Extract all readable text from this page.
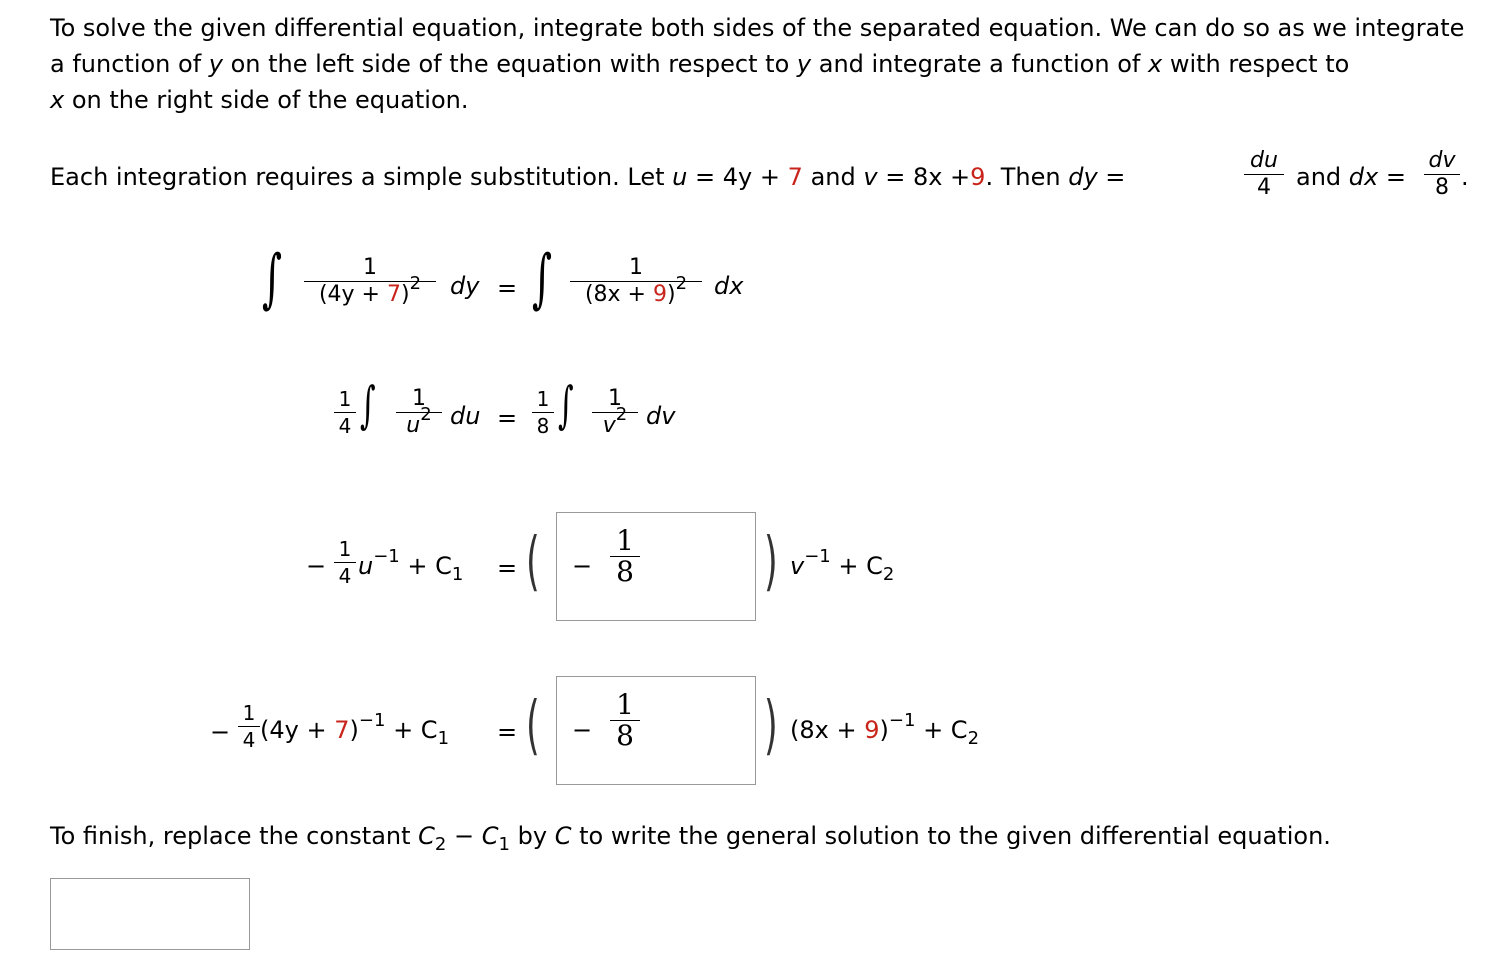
To solve the given differential equation, integrate both sides of the separated equation. We can do so as we integrate a function of y on the left side of the equation with respect to y and integrate a function of x with respect to
x on the right side of the equation.
Each integration requires a simple substitution. Let u = 4y + 7 and v = 8x +9. Then dy =
du
4	and dx =
dv
8 .
∫	1
$(4y + 7)^2$	dy = ∫	1
$(8x + 9)^2$	dx
1
4 ∫	1
$u^2$ du =
1
8 ∫	1
$v^2$ dv
−
1
4 $u^{-1} + C_1$ = ( −
1
8 ) $v^{-1} + C_2$
−
1
4 $(4y + 7)^{-1} + C_1$ = ( −
1
8 ) $(8x + 9)^{-1} + C_2$
To finish, replace the constant $C_2 - C_1$ by C to write the general solution to the given differential equation.
